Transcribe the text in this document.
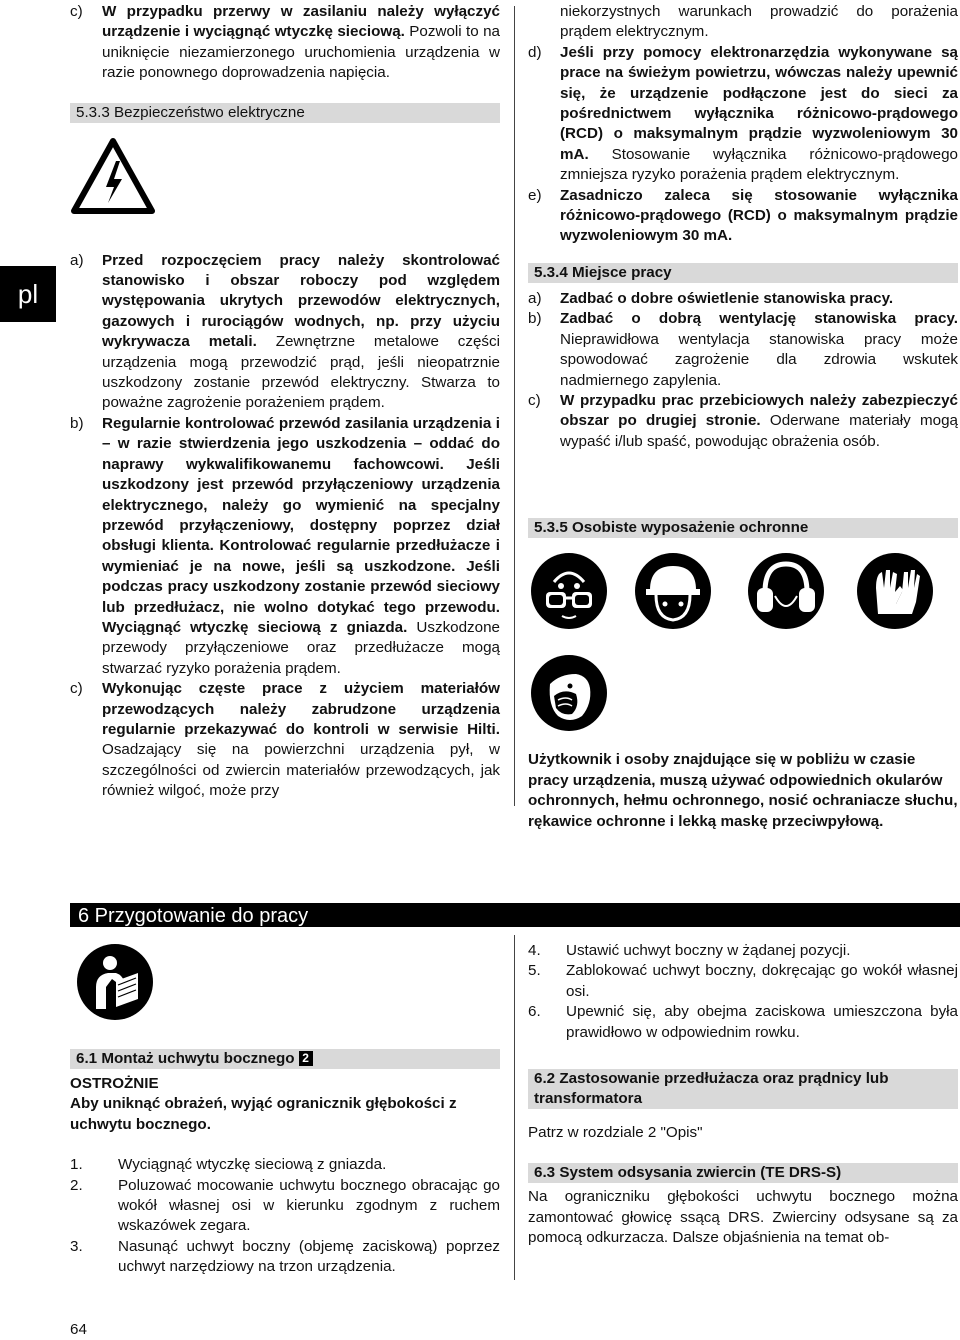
pl
c) W przypadku przerwy w zasilaniu należy wyłączyć urządzenie i wyciągnąć wtyczkę sieciową. Pozwoli to na uniknięcie niezamierzonego uruchomienia urządzenia w razie ponownego doprowadzenia napięcia.
5.3.3 Bezpieczeństwo elektryczne
a) Przed rozpoczęciem pracy należy skontrolować stanowisko i obszar roboczy pod względem występowania ukrytych przewodów elektrycznych, gazowych i rurociągów wodnych, np. przy użyciu wykrywacza metali. Zewnętrzne metalowe części urządzenia mogą przewodzić prąd, jeśli nieopatrznie uszkodzony zostanie przewód elektryczny. Stwarza to poważne zagrożenie porażeniem prądem.
b) Regularnie kontrolować przewód zasilania urządzenia i – w razie stwierdzenia jego uszkodzenia – oddać do naprawy wykwalifikowanemu fachowcowi. Jeśli uszkodzony jest przewód przyłączeniowy urządzenia elektrycznego, należy go wymienić na specjalny przewód przyłączeniowy, dostępny poprzez dział obsługi klienta. Kontrolować regularnie przedłużacze i wymieniać je na nowe, jeśli są uszkodzone. Jeśli podczas pracy uszkodzony zostanie przewód sieciowy lub przedłużacz, nie wolno dotykać tego przewodu. Wyciągnąć wtyczkę sieciową z gniazda. Uszkodzone przewody przyłączeniowe oraz przedłużacze mogą stwarzać ryzyko porażenia prądem.
c) Wykonując częste prace z użyciem materiałów przewodzących należy zabrudzone urządzenia regularnie przekazywać do kontroli w serwisie Hilti. Osadzający się na powierzchni urządzenia pył, w szczególności od zwiercin materiałów przewodzących, jak również wilgoć, może przy
niekorzystnych warunkach prowadzić do porażenia prądem elektrycznym.
d) Jeśli przy pomocy elektronarzędzia wykonywane są prace na świeżym powietrzu, wówczas należy upewnić się, że urządzenie podłączone jest do sieci za pośrednictwem wyłącznika różnicowo-prądowego (RCD) o maksymalnym prądzie wyzwoleniowym 30 mA. Stosowanie wyłącznika różnicowo-prądowego zmniejsza ryzyko porażenia prądem elektrycznym.
e) Zasadniczo zaleca się stosowanie wyłącznika różnicowo-prądowego (RCD) o maksymalnym prądzie wyzwoleniowym 30 mA.
5.3.4 Miejsce pracy
a) Zadbać o dobre oświetlenie stanowiska pracy.
b) Zadbać o dobrą wentylację stanowiska pracy. Nieprawidłowa wentylacja stanowiska pracy może spowodować zagrożenie dla zdrowia wskutek nadmiernego zapylenia.
c) W przypadku prac przebiciowych należy zabezpieczyć obszar po drugiej stronie. Oderwane materiały mogą wypaść i/lub spaść, powodując obrażenia osób.
5.3.5 Osobiste wyposażenie ochronne
Użytkownik i osoby znajdujące się w pobliżu w czasie pracy urządzenia, muszą używać odpowiednich okularów ochronnych, hełmu ochronnego, nosić ochraniacze słuchu, rękawice ochronne i lekką maskę przeciwpyłową.
6 Przygotowanie do pracy
6.1 Montaż uchwytu bocznego 2
OSTROŻNIE
Aby uniknąć obrażeń, wyjąć ogranicznik głębokości z uchwytu bocznego.
1. Wyciągnąć wtyczkę sieciową z gniazda.
2. Poluzować mocowanie uchwytu bocznego obracając go wokół własnej osi w kierunku zgodnym z ruchem wskazówek zegara.
3. Nasunąć uchwyt boczny (objemę zaciskową) poprzez uchwyt narzędziowy na trzon urządzenia.
4. Ustawić uchwyt boczny w żądanej pozycji.
5. Zablokować uchwyt boczny, dokręcając go wokół własnej osi.
6. Upewnić się, aby obejma zaciskowa umieszczona była prawidłowo w odpowiednim rowku.
6.2 Zastosowanie przedłużacza oraz prądnicy lub transformatora
Patrz w rozdziale 2 "Opis"
6.3 System odsysania zwiercin (TE DRS-S)
Na ograniczniku głębokości uchwytu bocznego można zamontować głowicę ssącą DRS. Zwierciny odsysane są za pomocą odkurzacza. Dalsze objaśnienia na temat ob-
64
